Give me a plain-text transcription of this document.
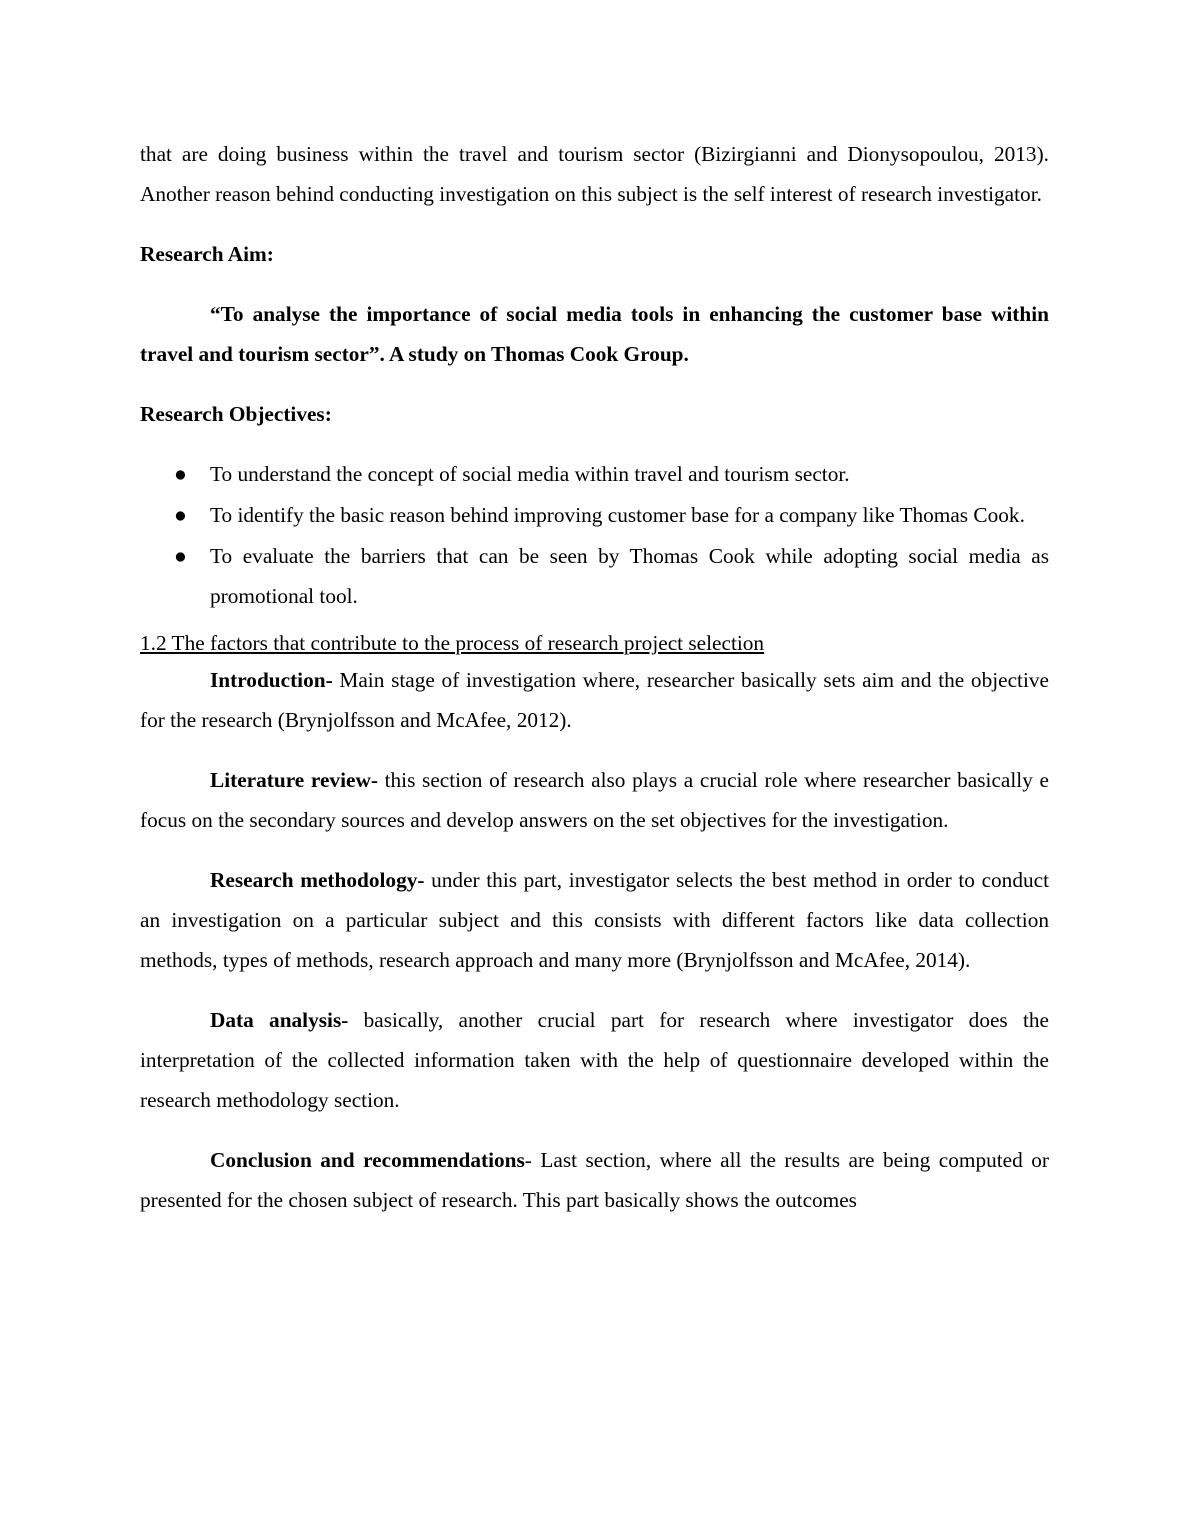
that are doing business within the travel and tourism sector (Bizirgianni and Dionysopoulou, 2013). Another reason behind conducting investigation on this subject is the self interest of research investigator.

Research Aim:

“To analyse the importance of social media tools in enhancing the customer base within travel and tourism sector”. A study on Thomas Cook Group.

Research Objectives:

● To understand the concept of social media within travel and tourism sector.
● To identify the basic reason behind improving customer base for a company like Thomas Cook.
● To evaluate the barriers that can be seen by Thomas Cook while adopting social media as promotional tool.

1.2 The factors that contribute to the process of research project selection

Introduction- Main stage of investigation where, researcher basically sets aim and the objective for the research (Brynjolfsson and McAfee, 2012).

Literature review- this section of research also plays a crucial role where researcher basically e focus on the secondary sources and develop answers on the set objectives for the investigation.

Research methodology- under this part, investigator selects the best method in order to conduct an investigation on a particular subject and this consists with different factors like data collection methods, types of methods, research approach and many more (Brynjolfsson and McAfee, 2014).

Data analysis- basically, another crucial part for research where investigator does the interpretation of the collected information taken with the help of questionnaire developed within the research methodology section.

Conclusion and recommendations- Last section, where all the results are being computed or presented for the chosen subject of research. This part basically shows the outcomes
